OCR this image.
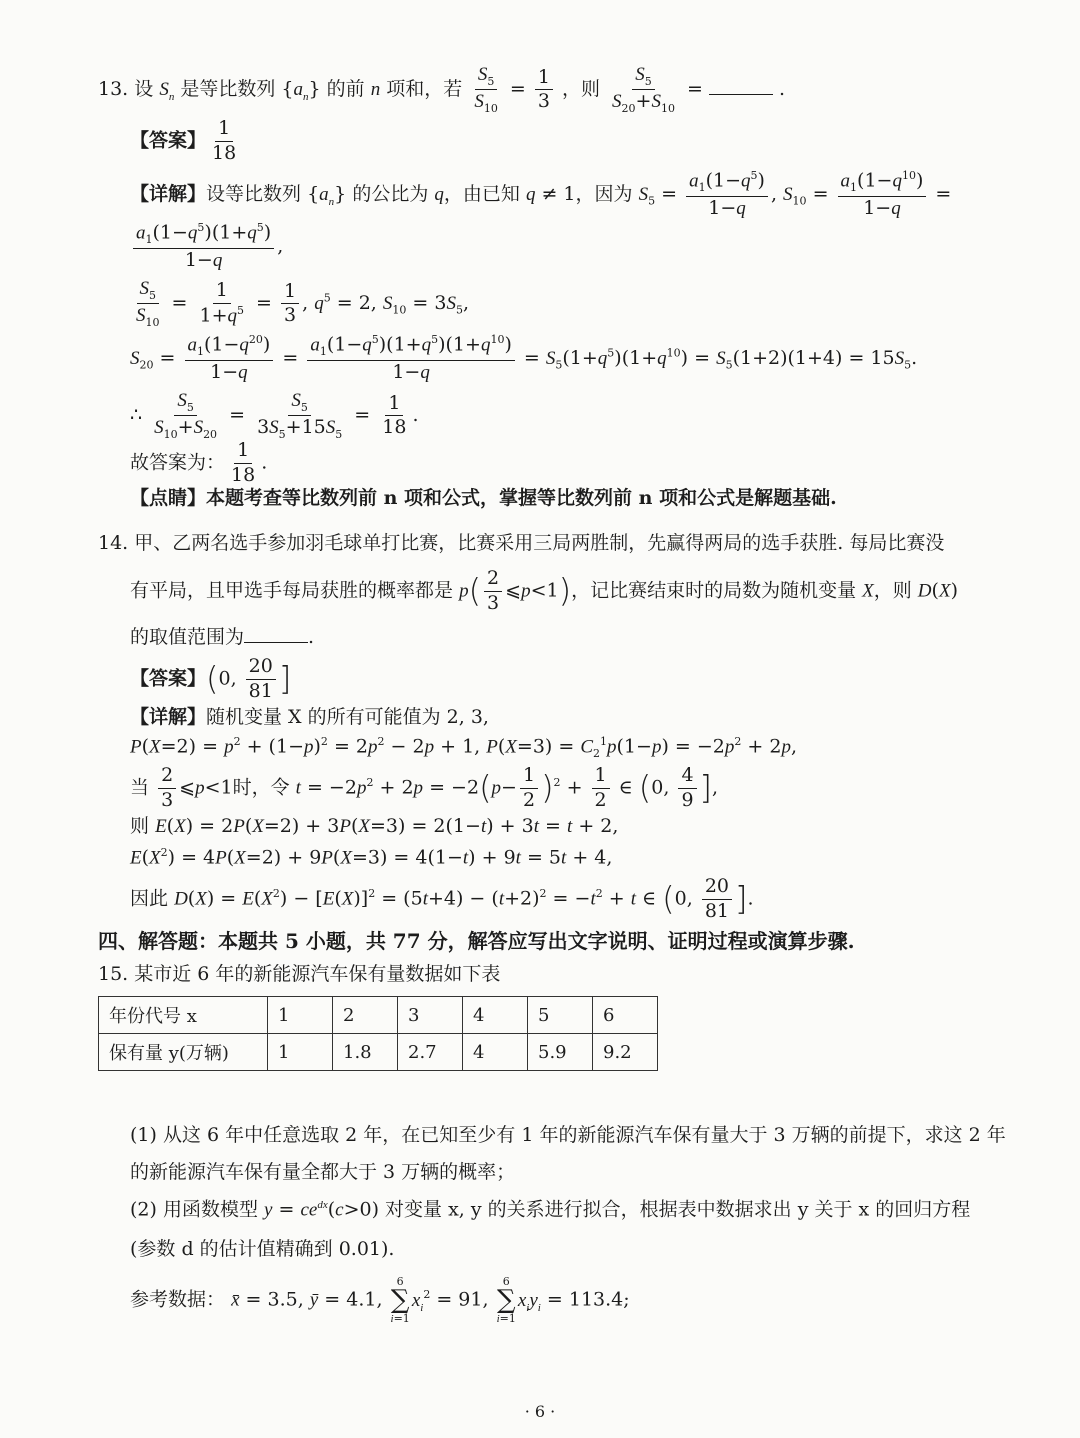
13. 设 $S_n$ 是等比数列 $\{a_n\}$ 的前 n 项和，若 $\frac{S_5}{S_{10}} = \frac{1}{3}$ ，则 $\frac{S_5}{S_{20}+S_{10}}$ =	.
【答案】 $\frac{1}{18}$
【详解】设等比数列 $\{a_n\}$ 的公比为 q，由已知 q ≠ 1，因为 $S_5 = \frac{a_1(1-q^5)}{1-q}$ , $S_{10} = \frac{a_1(1-q^{10})}{1-q}$ =
$\frac{a_1(1-q^5)(1+q^5)}{1-q}$ ,
$\frac{S_5}{S_{10}} = \frac{1}{1+q^5} = \frac{1}{3}$ , $q^5 = 2$, $S_{10} = 3S_5$,
$S_{20} = \frac{a_1(1-q^{20})}{1-q} = \frac{a_1(1-q^5)(1+q^5)(1+q^{10})}{1-q} = S_5(1+q^5)(1+q^{10}) = S_5(1+2)(1+4) = 15S_5$.
∴ $\frac{S_5}{S_{10}+S_{20}} = \frac{S_5}{3S_5+15S_5} = \frac{1}{18}$ .
故答案为： $\frac{1}{18}$ .
【点睛】本题考查等比数列前 n 项和公式，掌握等比数列前 n 项和公式是解题基础.
14. 甲、乙两名选手参加羽毛球单打比赛，比赛采用三局两胜制，先赢得两局的选手获胜. 每局比赛没
有平局，且甲选手每局获胜的概率都是 $p( \frac{2}{3}$ ⩽p<1)，记比赛结束时的局数为随机变量 X，则 D(X)
的取值范围为	.
【答案】(0, $\frac{20}{81}$ ]
【详解】随机变量 X 的所有可能值为 2, 3,
$P(X=2) = p^2 + (1-p)^2 = 2p^2 - 2p + 1$, $P(X=3) = C_2^1p(1-p) = -2p^2 + 2p$,
当 $\frac{2}{3}$ ⩽p<1时，令 $t = -2p^2 + 2p = -2(p- \frac{1}{2} )^2 + \frac{1}{2}$ ∈ (0, $\frac{4}{9}$ ],
则 E(X) = 2P(X=2) + 3P(X=3) = 2(1−t) + 3t = t + 2,
$E(X^2) = 4P(X=2) + 9P(X=3) = 4(1-t) + 9t = 5t + 4$,
因此 $D(X) = E(X^2) - [E(X)]^2 = (5t+4) - (t+2)^2 = -t^2 + t$ ∈ (0, $\frac{20}{81}$ ].
四、解答题：本题共 5 小题，共 77 分，解答应写出文字说明、证明过程或演算步骤.
15. 某市近 6 年的新能源汽车保有量数据如下表
年份代号 x	1	2	3	4	5	6
保有量 y(万辆)	1	1.8	2.7	4	5.9	9.2
(1) 从这 6 年中任意选取 2 年，在已知至少有 1 年的新能源汽车保有量大于 3 万辆的前提下，求这 2 年
的新能源汽车保有量全都大于 3 万辆的概率；
(2) 用函数模型 $y = ce^{dx}(c>0)$ 对变量 x, y 的关系进行拟合，根据表中数据求出 y 关于 x 的回归方程
(参数 d 的估计值精确到 0.01).
参考数据： x̄ = 3.5, ȳ = 4.1,
6
∑
i=1
$x_i^2 = 91$,
6
∑
i=1
$x_iy_i = 113.4$;
· 6 ·
